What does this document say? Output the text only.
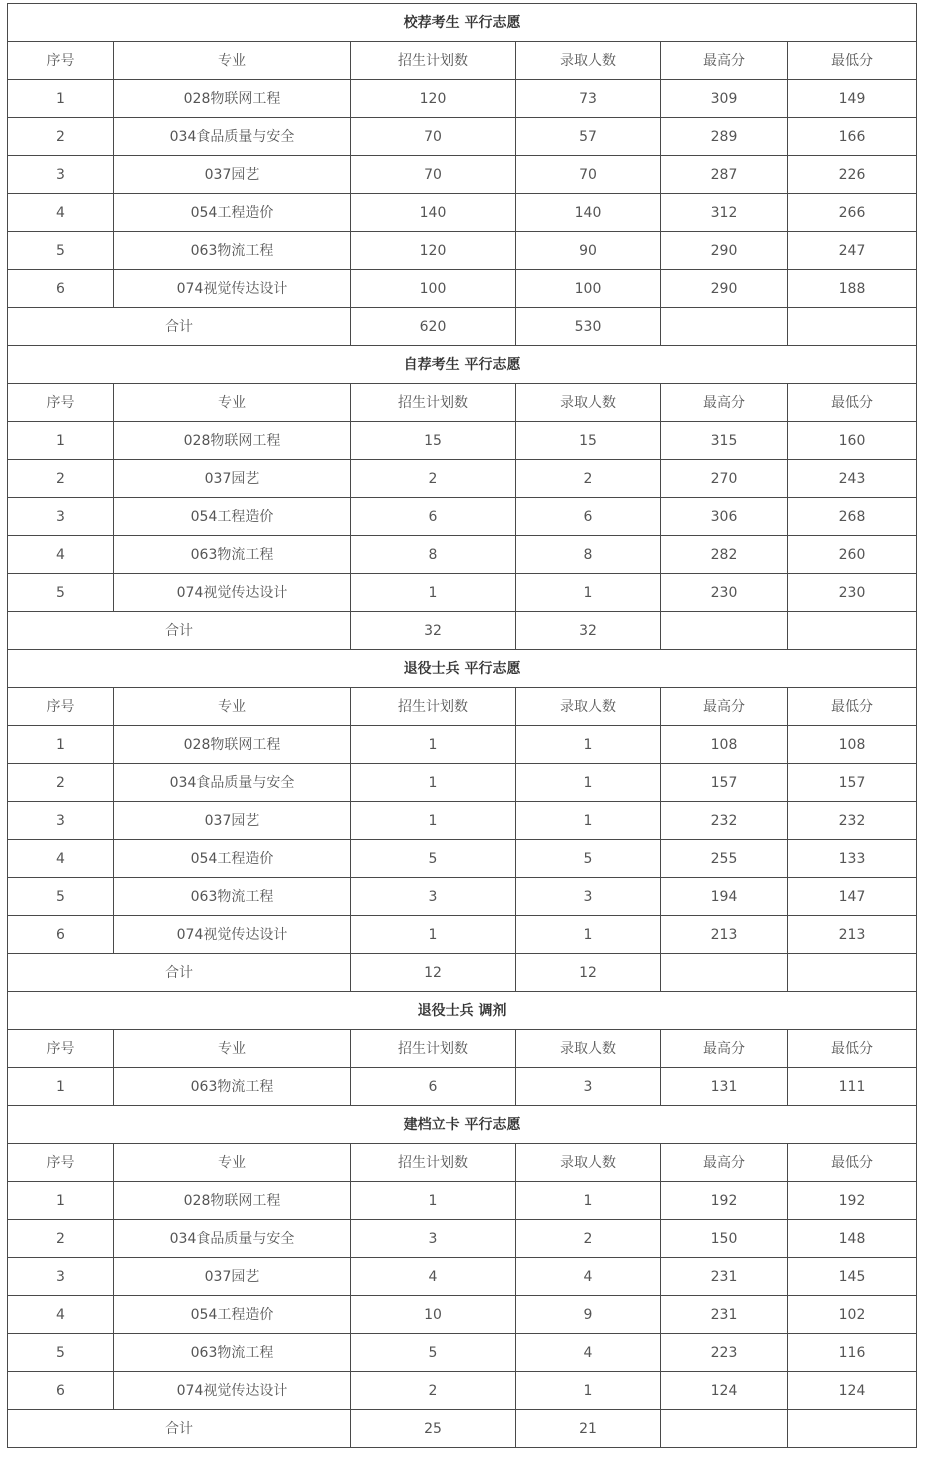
校荐考生 平行志愿					
序号	专业	招生计划数	录取人数	最高分	最低分
1	028物联网工程	120	73	309	149
2	034食品质量与安全	70	57	289	166
3	037园艺	70	70	287	226
4	054工程造价	140	140	312	266
5	063物流工程	120	90	290	247
6	074视觉传达设计	100	100	290	188
合计		620	530		
自荐考生 平行志愿					
序号	专业	招生计划数	录取人数	最高分	最低分
1	028物联网工程	15	15	315	160
2	037园艺	2	2	270	243
3	054工程造价	6	6	306	268
4	063物流工程	8	8	282	260
5	074视觉传达设计	1	1	230	230
合计		32	32		
退役士兵 平行志愿					
序号	专业	招生计划数	录取人数	最高分	最低分
1	028物联网工程	1	1	108	108
2	034食品质量与安全	1	1	157	157
3	037园艺	1	1	232	232
4	054工程造价	5	5	255	133
5	063物流工程	3	3	194	147
6	074视觉传达设计	1	1	213	213
合计		12	12		
退役士兵 调剂					
序号	专业	招生计划数	录取人数	最高分	最低分
1	063物流工程	6	3	131	111
建档立卡 平行志愿					
序号	专业	招生计划数	录取人数	最高分	最低分
1	028物联网工程	1	1	192	192
2	034食品质量与安全	3	2	150	148
3	037园艺	4	4	231	145
4	054工程造价	10	9	231	102
5	063物流工程	5	4	223	116
6	074视觉传达设计	2	1	124	124
合计		25	21		
